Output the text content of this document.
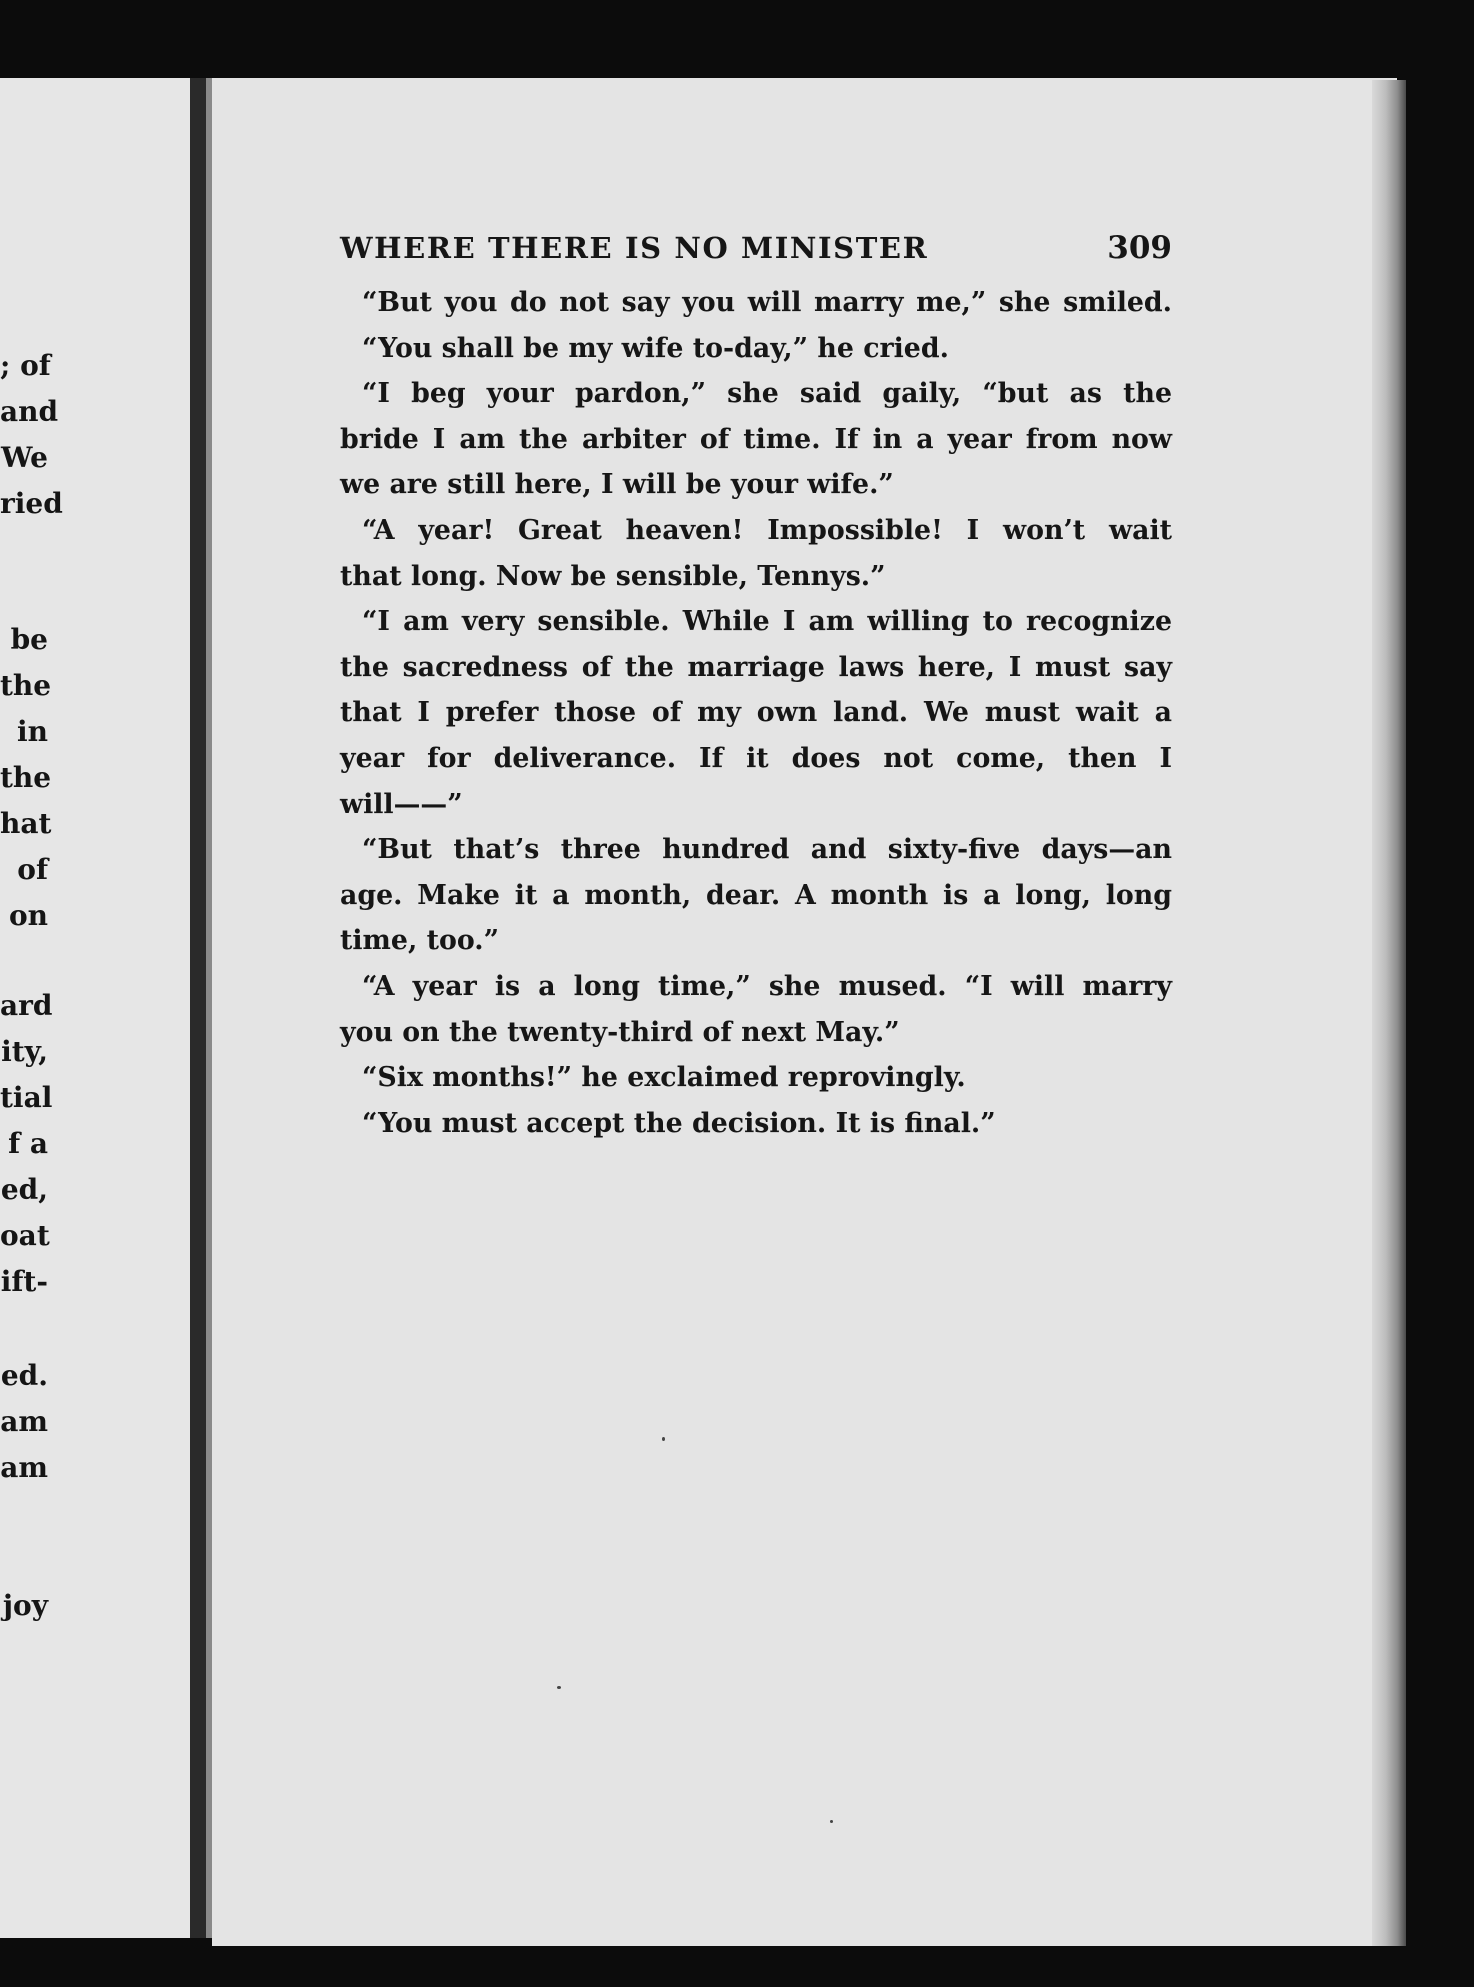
; of
and
We
ried
be
the
in
the
hat
of
on
ard
ity,
tial
f a
ed,
oat
ift-
ed.
am
am
joy
WHERE THERE IS NO MINISTER	309
“But you do not say you will marry me,” she smiled.
“You shall be my wife to-day,” he cried.
“I beg your pardon,” she said gaily, “but as the
bride I am the arbiter of time. If in a year from now
we are still here, I will be your wife.”
“A year! Great heaven! Impossible! I won’t wait
that long. Now be sensible, Tennys.”
“I am very sensible. While I am willing to recognize
the sacredness of the marriage laws here, I must say
that I prefer those of my own land. We must wait a
year for deliverance. If it does not come, then I
will——”
“But that’s three hundred and sixty-five days—an
age. Make it a month, dear. A month is a long, long
time, too.”
“A year is a long time,” she mused. “I will marry
you on the twenty-third of next May.”
“Six months!” he exclaimed reprovingly.
“You must accept the decision. It is final.”
